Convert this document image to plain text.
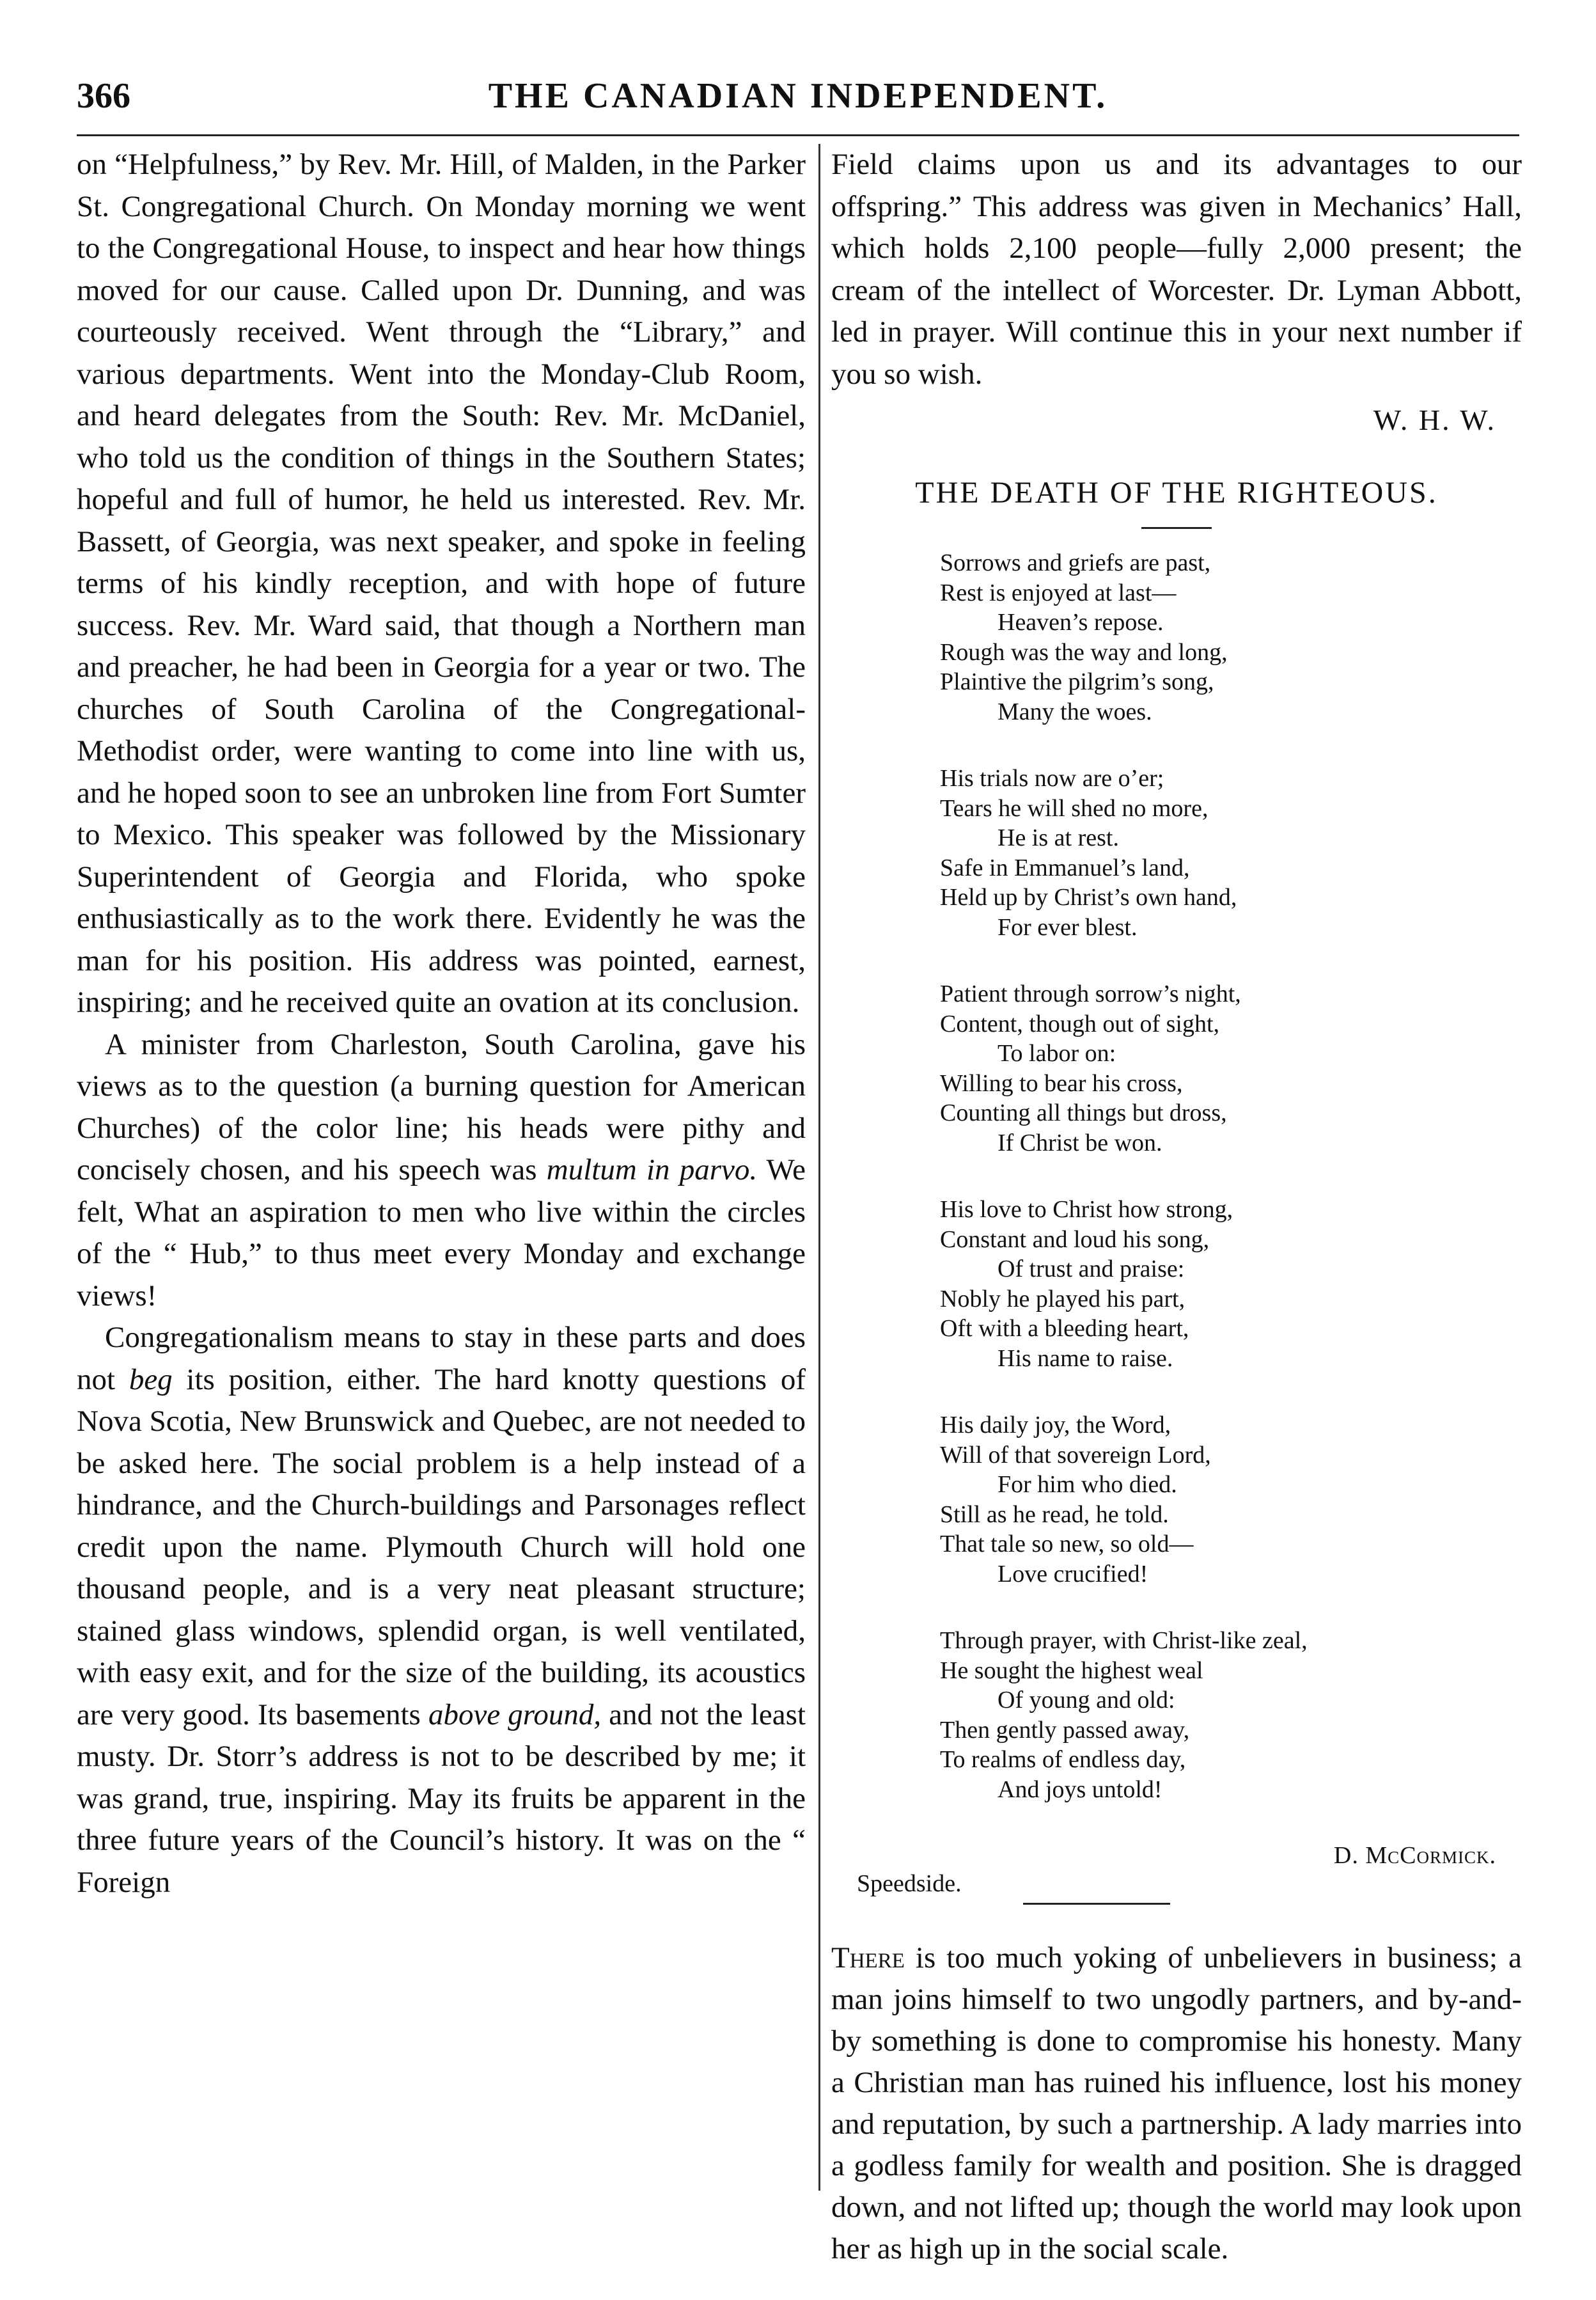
366	THE CANADIAN INDEPENDENT.

on “Helpfulness,” by Rev. Mr. Hill, of Malden, in the Parker St. Congregational Church. On Monday morning we went to the Congregational House, to inspect and hear how things moved for our cause. Called upon Dr. Dunning, and was courteously received. Went through the “Library,” and various departments. Went into the Monday-Club Room, and heard delegates from the South: Rev. Mr. McDaniel, who told us the condition of things in the Southern States; hopeful and full of humor, he held us interested. Rev. Mr. Bassett, of Georgia, was next speaker, and spoke in feeling terms of his kindly reception, and with hope of future success. Rev. Mr. Ward said, that though a Northern man and preacher, he had been in Georgia for a year or two. The churches of South Carolina of the Congregational-Methodist order, were wanting to come into line with us, and he hoped soon to see an unbroken line from Fort Sumter to Mexico. This speaker was followed by the Missionary Superintendent of Georgia and Florida, who spoke enthusiastically as to the work there. Evidently he was the man for his position. His address was pointed, earnest, inspiring; and he received quite an ovation at its conclusion.

A minister from Charleston, South Carolina, gave his views as to the question (a burning question for American Churches) of the color line; his heads were pithy and concisely chosen, and his speech was multum in parvo. We felt, What an aspiration to men who live within the circles of the “ Hub,” to thus meet every Monday and exchange views!

Congregationalism means to stay in these parts and does not beg its position, either. The hard knotty questions of Nova Scotia, New Brunswick and Quebec, are not needed to be asked here. The social problem is a help instead of a hindrance, and the Church-buildings and Parsonages reflect credit upon the name. Plymouth Church will hold one thousand people, and is a very neat pleasant structure; stained glass windows, splendid organ, is well ventilated, with easy exit, and for the size of the building, its acoustics are very good. Its basements above ground, and not the least musty. Dr. Storr’s address is not to be described by me; it was grand, true, inspiring. May its fruits be apparent in the three future years of the Council’s history. It was on the “ Foreign

Field claims upon us and its advantages to our offspring.” This address was given in Mechanics’ Hall, which holds 2,100 people—fully 2,000 present; the cream of the intellect of Worcester. Dr. Lyman Abbott, led in prayer. Will continue this in your next number if you so wish.

W. H. W.
THE DEATH OF THE RIGHTEOUS.
Sorrows and griefs are past,
Rest is enjoyed at last—
Heaven’s repose.
Rough was the way and long,
Plaintive the pilgrim’s song,
Many the woes.
His trials now are o’er;
Tears he will shed no more,
He is at rest.
Safe in Emmanuel’s land,
Held up by Christ’s own hand,
For ever blest.
Patient through sorrow’s night,
Content, though out of sight,
To labor on:
Willing to bear his cross,
Counting all things but dross,
If Christ be won.
His love to Christ how strong,
Constant and loud his song,
Of trust and praise:
Nobly he played his part,
Oft with a bleeding heart,
His name to raise.
His daily joy, the Word,
Will of that sovereign Lord,
For him who died.
Still as he read, he told.
That tale so new, so old—
Love crucified!
Through prayer, with Christ-like zeal,
He sought the highest weal
Of young and old:
Then gently passed away,
To realms of endless day,
And joys untold!
D. McCormick.
Speedside.

There is too much yoking of unbelievers in business; a man joins himself to two ungodly partners, and by-and-by something is done to compromise his honesty. Many a Christian man has ruined his influence, lost his money and reputation, by such a partnership. A lady marries into a godless family for wealth and position. She is dragged down, and not lifted up; though the world may look upon her as high up in the social scale.
